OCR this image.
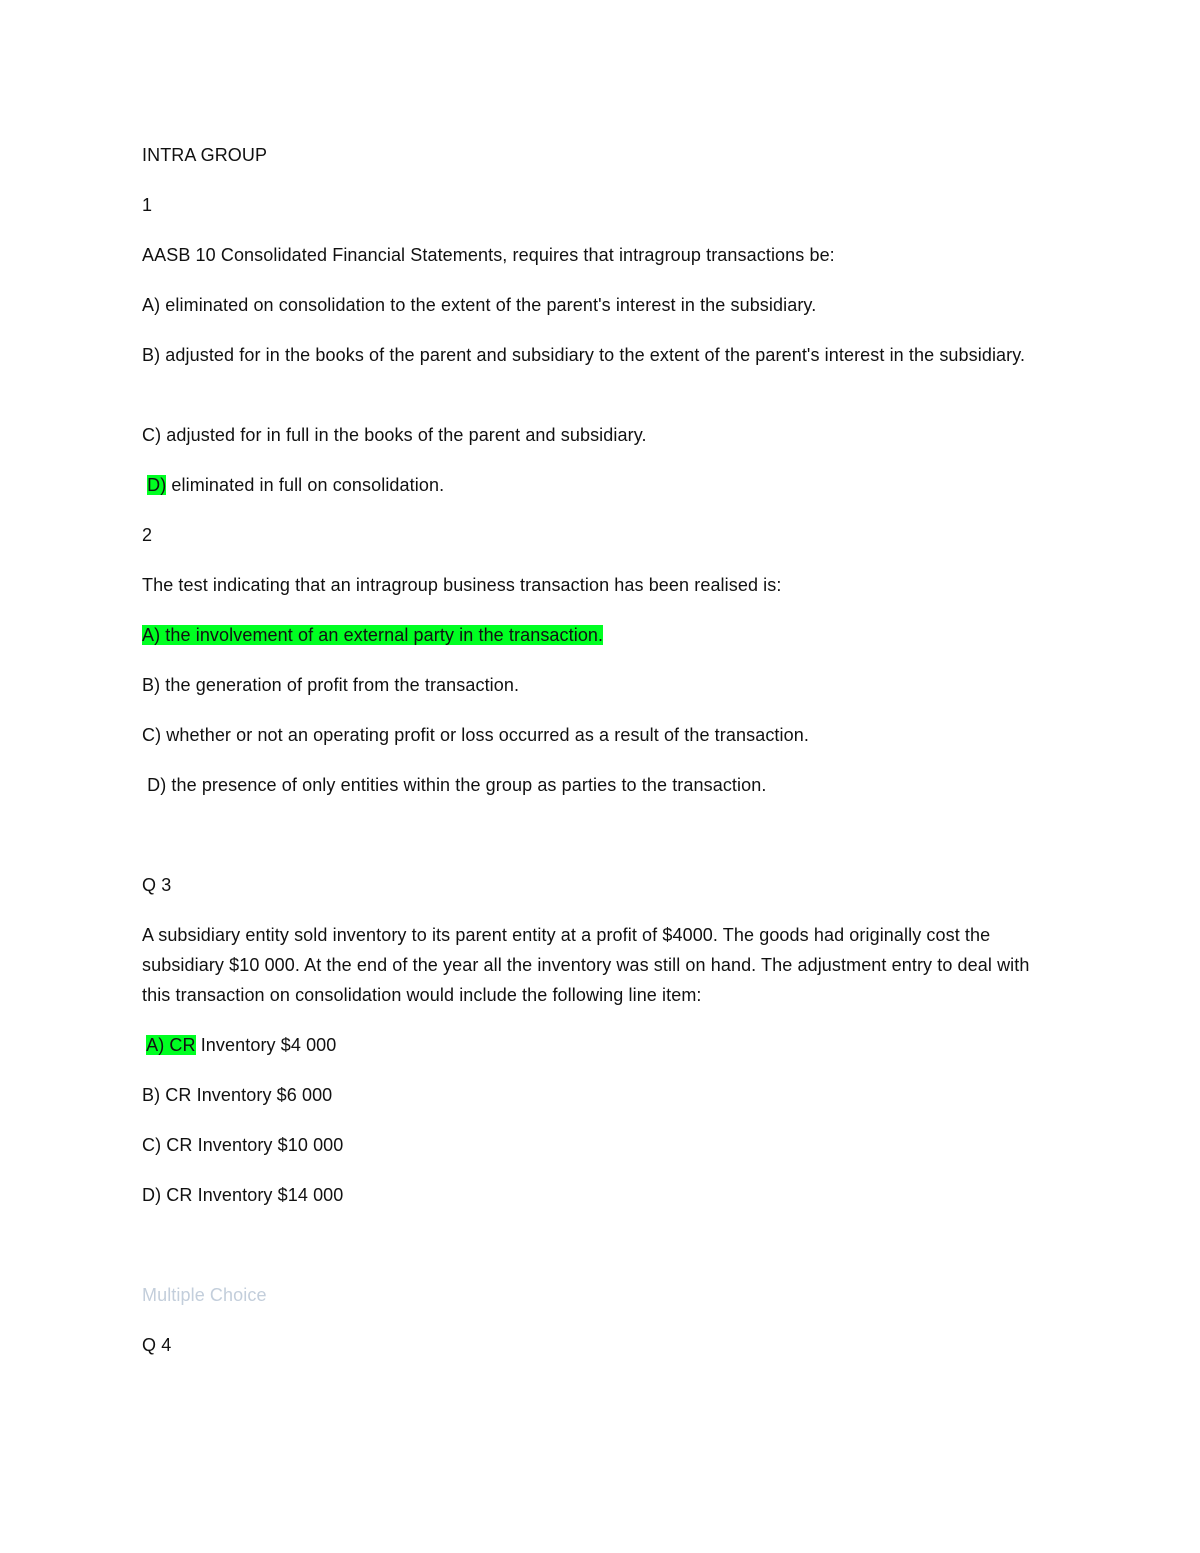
INTRA GROUP
1
AASB 10 Consolidated Financial Statements, requires that intragroup transactions be:
A) eliminated on consolidation to the extent of the parent's interest in the subsidiary.
B) adjusted for in the books of the parent and subsidiary to the extent of the parent's interest in the subsidiary.
C) adjusted for in full in the books of the parent and subsidiary.
D) eliminated in full on consolidation.
2
The test indicating that an intragroup business transaction has been realised is:
A) the involvement of an external party in the transaction.
B) the generation of profit from the transaction.
C) whether or not an operating profit or loss occurred as a result of the transaction.
D) the presence of only entities within the group as parties to the transaction.
Q 3
A subsidiary entity sold inventory to its parent entity at a profit of $4000. The goods had originally cost the subsidiary $10 000. At the end of the year all the inventory was still on hand. The adjustment entry to deal with this transaction on consolidation would include the following line item:
A) CR Inventory $4 000
B) CR Inventory $6 000
C) CR Inventory $10 000
D) CR Inventory $14 000
Multiple Choice
Q 4
